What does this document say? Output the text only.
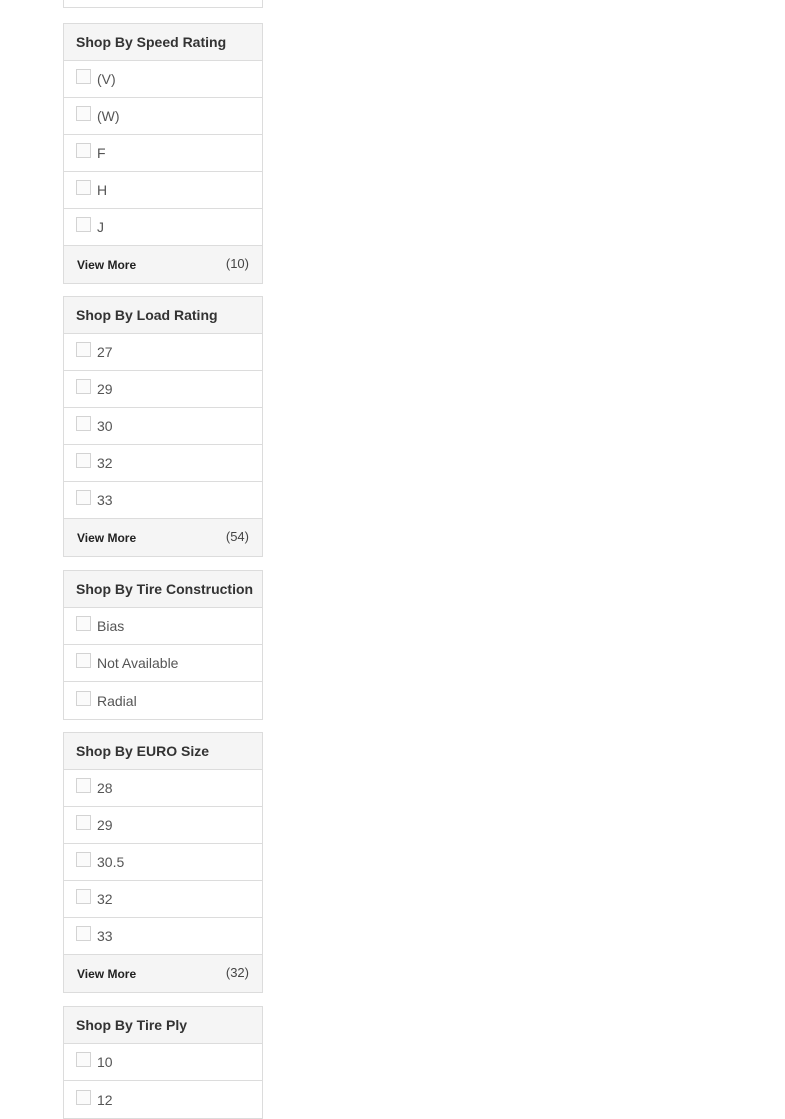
Shop By Speed Rating
(V)
(W)
F
H
J
View More	(10)
Shop By Load Rating
27
29
30
32
33
View More	(54)
Shop By Tire Construction
Bias
Not Available
Radial
Shop By EURO Size
28
29
30.5
32
33
View More	(32)
Shop By Tire Ply
10
12
